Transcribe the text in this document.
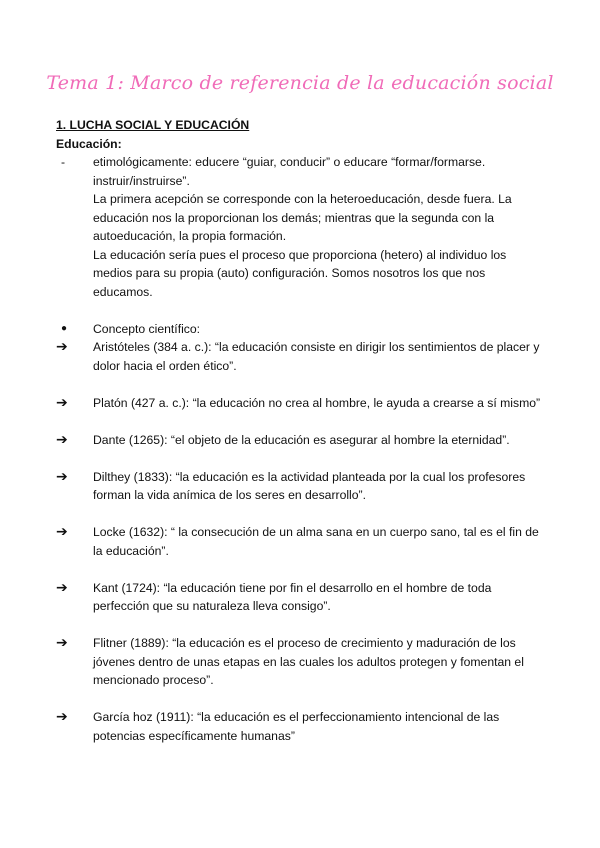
Tema 1: Marco de referencia de la educación social

1. LUCHA SOCIAL Y EDUCACIÓN

Educación:

- etimológicamente: educere “guiar, conducir” o educare “formar/formarse. instruir/instruirse”.

La primera acepción se corresponde con la heteroeducación, desde fuera. La educación nos la proporcionan los demás; mientras que la segunda con la autoeducación, la propia formación.

La educación sería pues el proceso que proporciona (hetero) al individuo los medios para su propia (auto) configuración. Somos nosotros los que nos educamos.

● Concepto científico:
➔ Aristóteles (384 a. c.): “la educación consiste en dirigir los sentimientos de placer y dolor hacia el orden ético”.
➔ Platón (427 a. c.): “la educación no crea al hombre, le ayuda a crearse a sí mismo”
➔ Dante (1265): “el objeto de la educación es asegurar al hombre la eternidad”.
➔ Dilthey (1833): “la educación es la actividad planteada por la cual los profesores forman la vida anímica de los seres en desarrollo”.
➔ Locke (1632): “ la consecución de un alma sana en un cuerpo sano, tal es el fin de la educación”.
➔ Kant (1724): “la educación tiene por fin el desarrollo en el hombre de toda perfección que su naturaleza lleva consigo”.
➔ Flitner (1889): “la educación es el proceso de crecimiento y maduración de los jóvenes dentro de unas etapas en las cuales los adultos protegen y fomentan el mencionado proceso”.
➔ García hoz (1911): “la educación es el perfeccionamiento intencional de las potencias específicamente humanas”
